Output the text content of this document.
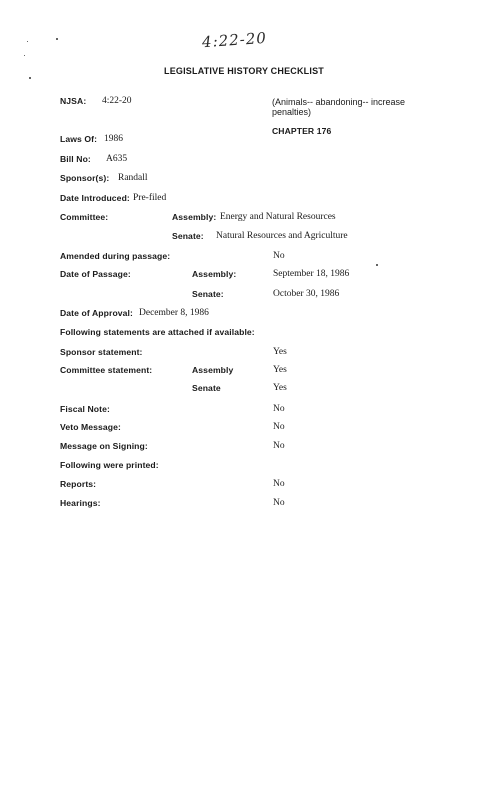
4:22-20
LEGISLATIVE HISTORY CHECKLIST
NJSA: 4:22-20	(Animals-- abandoning-- increase penalties)
CHAPTER 176
Laws Of: 1986
Bill No: A635
Sponsor(s): Randall
Date Introduced: Pre-filed
Committee:	Assembly: Energy and Natural Resources
Senate: Natural Resources and Agriculture
Amended during passage:	No
Date of Passage:	Assembly:	September 18, 1986
Senate:	October 30, 1986
Date of Approval: December 8, 1986
Following statements are attached if available:
Sponsor statement:	Yes
Committee statement:	Assembly	Yes
Senate	Yes
Fiscal Note:	No
Veto Message:	No
Message on Signing:	No
Following were printed:
Reports:	No
Hearings:	No
